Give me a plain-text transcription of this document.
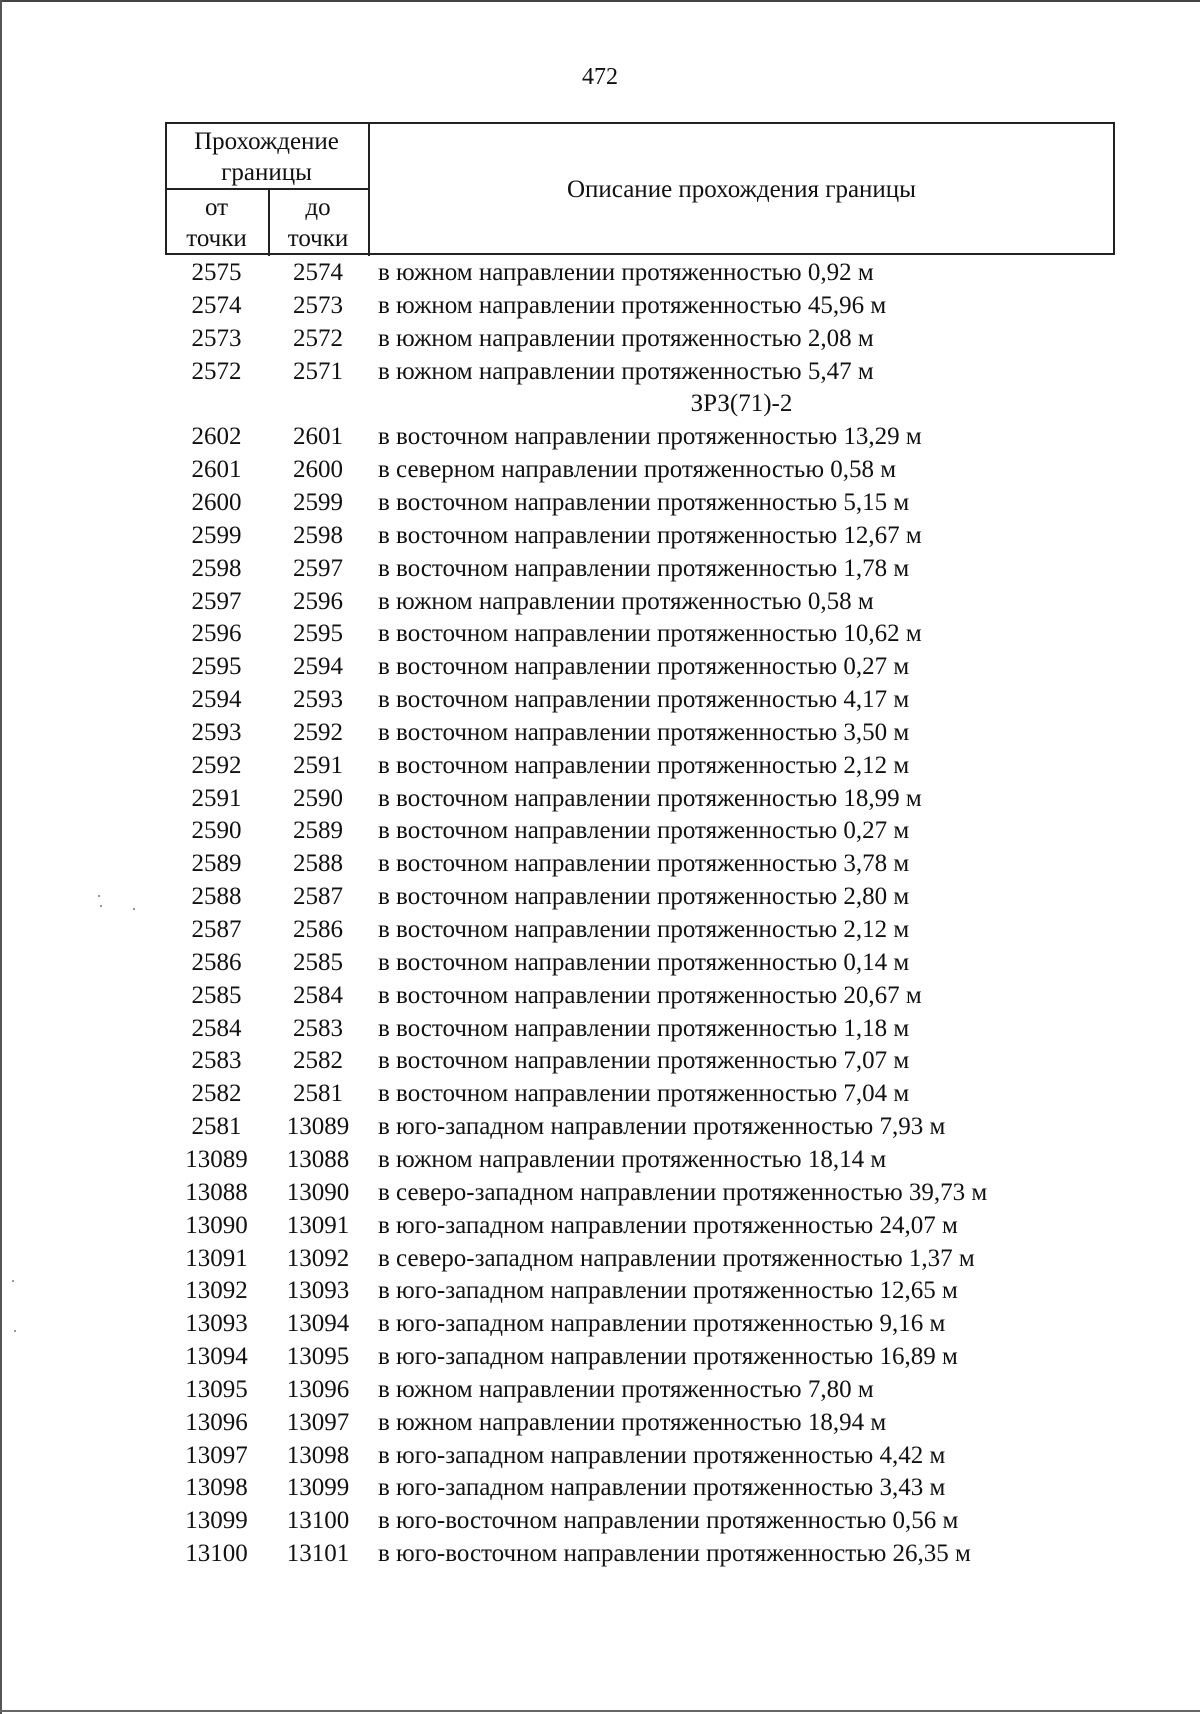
472
Прохождение
границы
от
точки
до
точки
Описание прохождения границы
2575	2574	в южном направлении протяженностью 0,92 м
2574	2573	в южном направлении протяженностью 45,96 м
2573	2572	в южном направлении протяженностью 2,08 м
2572	2571	в южном направлении протяженностью 5,47 м
ЗРЗ(71)-2
2602	2601	в восточном направлении протяженностью 13,29 м
2601	2600	в северном направлении протяженностью 0,58 м
2600	2599	в восточном направлении протяженностью 5,15 м
2599	2598	в восточном направлении протяженностью 12,67 м
2598	2597	в восточном направлении протяженностью 1,78 м
2597	2596	в южном направлении протяженностью 0,58 м
2596	2595	в восточном направлении протяженностью 10,62 м
2595	2594	в восточном направлении протяженностью 0,27 м
2594	2593	в восточном направлении протяженностью 4,17 м
2593	2592	в восточном направлении протяженностью 3,50 м
2592	2591	в восточном направлении протяженностью 2,12 м
2591	2590	в восточном направлении протяженностью 18,99 м
2590	2589	в восточном направлении протяженностью 0,27 м
2589	2588	в восточном направлении протяженностью 3,78 м
2588	2587	в восточном направлении протяженностью 2,80 м
2587	2586	в восточном направлении протяженностью 2,12 м
2586	2585	в восточном направлении протяженностью 0,14 м
2585	2584	в восточном направлении протяженностью 20,67 м
2584	2583	в восточном направлении протяженностью 1,18 м
2583	2582	в восточном направлении протяженностью 7,07 м
2582	2581	в восточном направлении протяженностью 7,04 м
2581	13089	в юго-западном направлении протяженностью 7,93 м
13089	13088	в южном направлении протяженностью 18,14 м
13088	13090	в северо-западном направлении протяженностью 39,73 м
13090	13091	в юго-западном направлении протяженностью 24,07 м
13091	13092	в северо-западном направлении протяженностью 1,37 м
13092	13093	в юго-западном направлении протяженностью 12,65 м
13093	13094	в юго-западном направлении протяженностью 9,16 м
13094	13095	в юго-западном направлении протяженностью 16,89 м
13095	13096	в южном направлении протяженностью 7,80 м
13096	13097	в южном направлении протяженностью 18,94 м
13097	13098	в юго-западном направлении протяженностью 4,42 м
13098	13099	в юго-западном направлении протяженностью 3,43 м
13099	13100	в юго-восточном направлении протяженностью 0,56 м
13100	13101	в юго-восточном направлении протяженностью 26,35 м
